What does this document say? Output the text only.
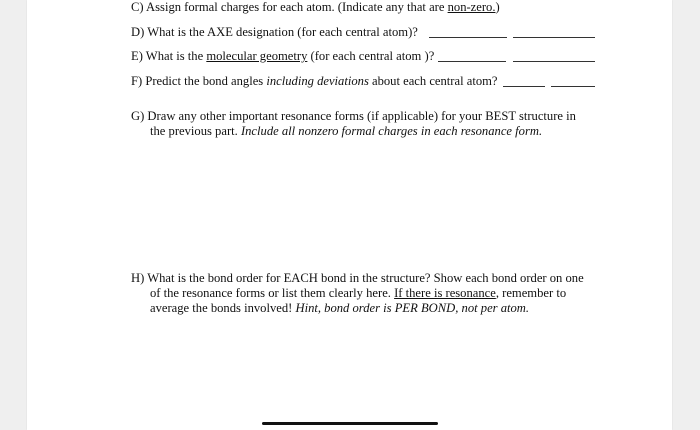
C) Assign formal charges for each atom. (Indicate any that are non-zero.)
D) What is the AXE designation (for each central atom)?
E) What is the molecular geometry (for each central atom )?
F) Predict the bond angles including deviations about each central atom?
G) Draw any other important resonance forms (if applicable) for your BEST structure in
the previous part. Include all nonzero formal charges in each resonance form.
H) What is the bond order for EACH bond in the structure? Show each bond order on one
of the resonance forms or list them clearly here. If there is resonance, remember to
average the bonds involved! Hint, bond order is PER BOND, not per atom.
